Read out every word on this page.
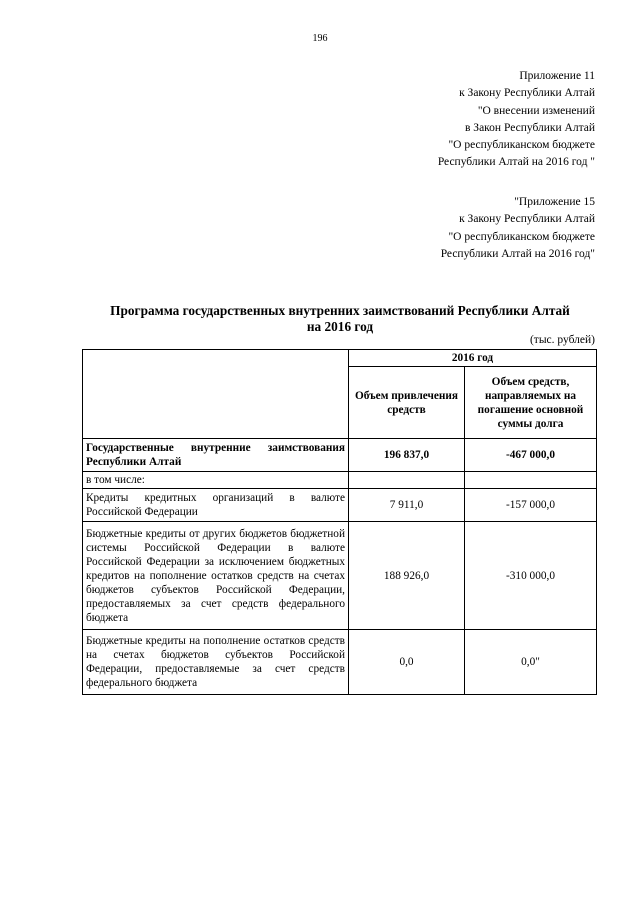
196
Приложение 11
к Закону Республики Алтай
"О внесении изменений
в Закон Республики Алтай
"О республиканском бюджете
Республики Алтай на 2016 год "
"Приложение 15
к Закону Республики Алтай
"О республиканском бюджете
Республики Алтай на 2016 год"
Программа государственных внутренних заимствований Республики Алтай
на 2016 год
(тыс. рублей)
	2016 год	
	Объем привлечения средств	Объем средств, направляемых на погашение основной суммы долга
Государственные внутренние заимствования Республики Алтай	196 837,0	-467 000,0
в том числе:		
Кредиты кредитных организаций в валюте Российской Федерации	7 911,0	-157 000,0
Бюджетные кредиты от других бюджетов бюджетной системы Российской Федерации в валюте Российской Федерации за исключением бюджетных кредитов на пополнение остатков средств на счетах бюджетов субъектов Российской Федерации, предоставляемых за счет средств федерального бюджета	188 926,0	-310 000,0
Бюджетные кредиты на пополнение остатков средств на счетах бюджетов субъектов Российской Федерации, предоставляемые за счет средств федерального бюджета	0,0	0,0"
